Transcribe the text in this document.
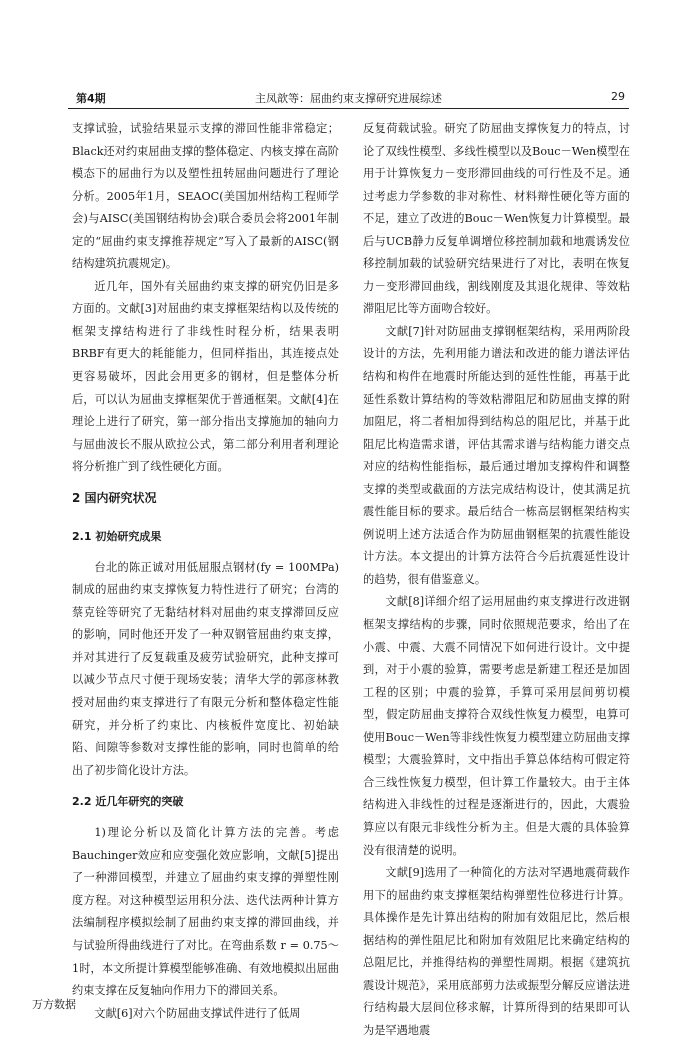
第4期	主凤歆等：屈曲约束支撑研究进展综述	29

支撑试验，试验结果显示支撑的滞回性能非常稳定；Black还对约束屈曲支撑的整体稳定、内核支撑在高阶模态下的屈曲行为以及塑性扭转屈曲问题进行了理论分析。2005年1月，SEAOC(美国加州结构工程师学会)与AISC(美国钢结构协会)联合委员会将2001年制定的“屈曲约束支撑推荐规定”写入了最新的AISC(钢结构建筑抗震规定)。

近几年，国外有关屈曲约束支撑的研究仍旧是多方面的。文献[3]对屈曲约束支撑框架结构以及传统的框架支撑结构进行了非线性时程分析，结果表明BRBF有更大的耗能能力，但同样指出，其连接点处更容易破坏，因此会用更多的钢材，但是整体分析后，可以认为屈曲支撑框架优于普通框架。文献[4]在理论上进行了研究，第一部分指出支撑施加的轴向力与屈曲波长不服从欧拉公式，第二部分利用者利理论将分析推广到了线性硬化方面。

2 国内研究状况
2.1 初始研究成果

台北的陈正诚对用低屈服点钢材(fy = 100MPa)制成的屈曲约束支撑恢复力特性进行了研究；台湾的蔡克铨等研究了无黏结材料对屈曲约束支撑滞回反应的影响，同时他还开发了一种双钢管屈曲约束支撑，并对其进行了反复载重及疲劳试验研究，此种支撑可以减少节点尺寸便于现场安装；清华大学的郭彦林教授对屈曲约束支撑进行了有限元分析和整体稳定性能研究，并分析了约束比、内核板件宽度比、初始缺陷、间隙等参数对支撑性能的影响，同时也简单的给出了初步简化设计方法。

2.2 近几年研究的突破

1)理论分析以及简化计算方法的完善。考虑Bauchinger效应和应变强化效应影响，文献[5]提出了一种滞回模型，并建立了屈曲约束支撑的弹塑性刚度方程。对这种模型运用积分法、迭代法两种计算方法编制程序模拟绘制了屈曲约束支撑的滞回曲线，并与试验所得曲线进行了对比。在弯曲系数 r = 0.75～1时，本文所提计算模型能够准确、有效地模拟出屈曲约束支撑在反复轴向作用力下的滞回关系。

文献[6]对六个防屈曲支撑试件进行了低周

反复荷载试验。研究了防屈曲支撑恢复力的特点，讨论了双线性模型、多线性模型以及Bouc－Wen模型在用于计算恢复力－变形滞回曲线的可行性及不足。通过考虑力学参数的非对称性、材料辩性硬化等方面的不足，建立了改进的Bouc－Wen恢复力计算模型。最后与UCB静力反复单调增位移控制加载和地震诱发位移控制加载的试验研究结果进行了对比，表明在恢复力－变形滞回曲线，割线刚度及其退化规律、等效粘滞阻尼比等方面吻合较好。

文献[7]针对防屈曲支撑钢框架结构，采用两阶段设计的方法，先利用能力谱法和改进的能力谱法评估结构和构件在地震时所能达到的延性性能，再基于此延性系数计算结构的等效粘滞阻尼和防屈曲支撑的附加阻尼，将二者相加得到结构总的阻尼比，并基于此阻尼比构造需求谱，评估其需求谱与结构能力谱交点对应的结构性能指标，最后通过增加支撑构件和调整支撑的类型或截面的方法完成结构设计，使其满足抗震性能目标的要求。最后结合一栋高层钢框架结构实例说明上述方法适合作为防屈曲钢框架的抗震性能设计方法。本文提出的计算方法符合今后抗震延性设计的趋势，很有借鉴意义。

文献[8]详细介绍了运用屈曲约束支撑进行改进钢框架支撑结构的步骤，同时依照规范要求，给出了在小震、中震、大震不同情况下如何进行设计。文中提到，对于小震的验算，需要考虑是新建工程还是加固工程的区别；中震的验算，手算可采用层间剪切模型，假定防屈曲支撑符合双线性恢复力模型，电算可使用Bouc－Wen等非线性恢复力模型建立防屈曲支撑模型；大震验算时，文中指出手算总体结构可假定符合三线性恢复力模型，但计算工作量较大。由于主体结构进入非线性的过程是逐渐进行的，因此，大震验算应以有限元非线性分析为主。但是大震的具体验算没有很清楚的说明。

文献[9]选用了一种简化的方法对罕遇地震荷载作用下的屈曲约束支撑框架结构弹塑性位移进行计算。具体操作是先计算出结构的附加有效阻尼比，然后根据结构的弹性阻尼比和附加有效阻尼比来确定结构的总阻尼比，并推得结构的弹塑性周期。根据《建筑抗震设计规范》，采用底部剪力法或振型分解反应谱法进行结构最大层间位移求解，计算所得到的结果即可认为是罕遇地震

万方数据
